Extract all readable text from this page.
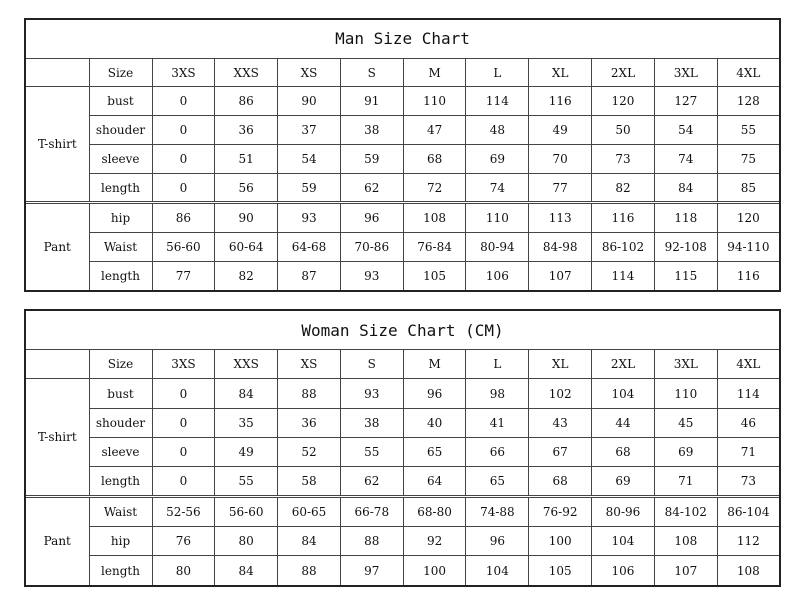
Man Size Chart											
	Size	3XS	XXS	XS	S	M	L	XL	2XL	3XL	4XL
T-shirt	bust	0	86	90	91	110	114	116	120	127	128
	shouder	0	36	37	38	47	48	49	50	54	55
	sleeve	0	51	54	59	68	69	70	73	74	75
	length	0	56	59	62	72	74	77	82	84	85

Pant	hip	86	90	93	96	108	110	113	116	118	120
	Waist	56-60	60-64	64-68	70-86	76-84	80-94	84-98	86-102	92-108	94-110
	length	77	82	87	93	105	106	107	114	115	116
Woman Size Chart (CM)											
	Size	3XS	XXS	XS	S	M	L	XL	2XL	3XL	4XL
T-shirt	bust	0	84	88	93	96	98	102	104	110	114
	shouder	0	35	36	38	40	41	43	44	45	46
	sleeve	0	49	52	55	65	66	67	68	69	71
	length	0	55	58	62	64	65	68	69	71	73

Pant	Waist	52-56	56-60	60-65	66-78	68-80	74-88	76-92	80-96	84-102	86-104
	hip	76	80	84	88	92	96	100	104	108	112
	length	80	84	88	97	100	104	105	106	107	108
